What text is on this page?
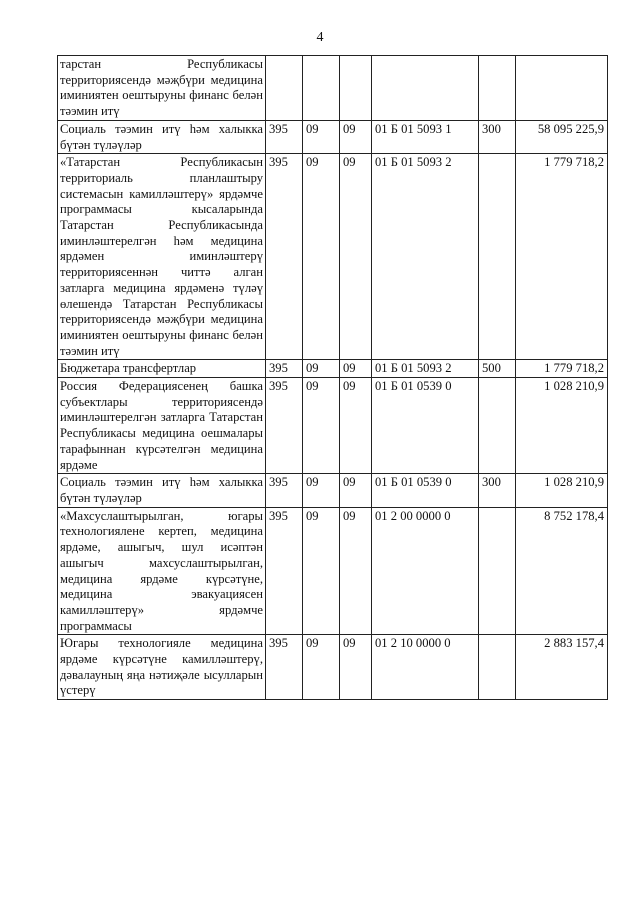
4
тарстан Республикасы территориясендә мәҗбүри медицина иминиятен оештыруны финанс белән тәэмин итү						
Социаль тәэмин итү һәм халыкка бүтән түләүләр	395	09	09	01 Б 01 5093 1	300	58 095 225,9
«Татарстан Республикасын территориаль планлаштыру системасын камилләштерү» ярдәмче программасы кысаларында Татарстан Республикасында иминләштерелгән һәм медицина ярдәмен иминләштерү территориясеннән читтә алган затларга медицина ярдәменә түләү өлешендә Татарстан Республикасы территориясендә мәҗбүри медицина иминиятен оештыруны финанс белән тәэмин итү	395	09	09	01 Б 01 5093 2		1 779 718,2
Бюджетара трансфертлар	395	09	09	01 Б 01 5093 2	500	1 779 718,2
Россия Федерациясенең башка субъектлары территориясендә иминләштерелгән затларга Татарстан Республикасы медицина оешмалары тарафыннан күрсәтелгән медицина ярдәме	395	09	09	01 Б 01 0539 0		1 028 210,9
Социаль тәэмин итү һәм халыкка бүтән түләүләр	395	09	09	01 Б 01 0539 0	300	1 028 210,9
«Махсуслаштырылган, югары технологиялене кертеп, медицина ярдәме, ашыгыч, шул исәптән ашыгыч махсуслаштырылган, медицина ярдәме күрсәтүне, медицина эвакуациясен камилләштерү» ярдәмче программасы	395	09	09	01 2 00 0000 0		8 752 178,4
Югары технологияле медицина ярдәме күрсәтүне камилләштерү, дәвалауның яңа нәтиҗәле ысулларын үстерү	395	09	09	01 2 10 0000 0		2 883 157,4
